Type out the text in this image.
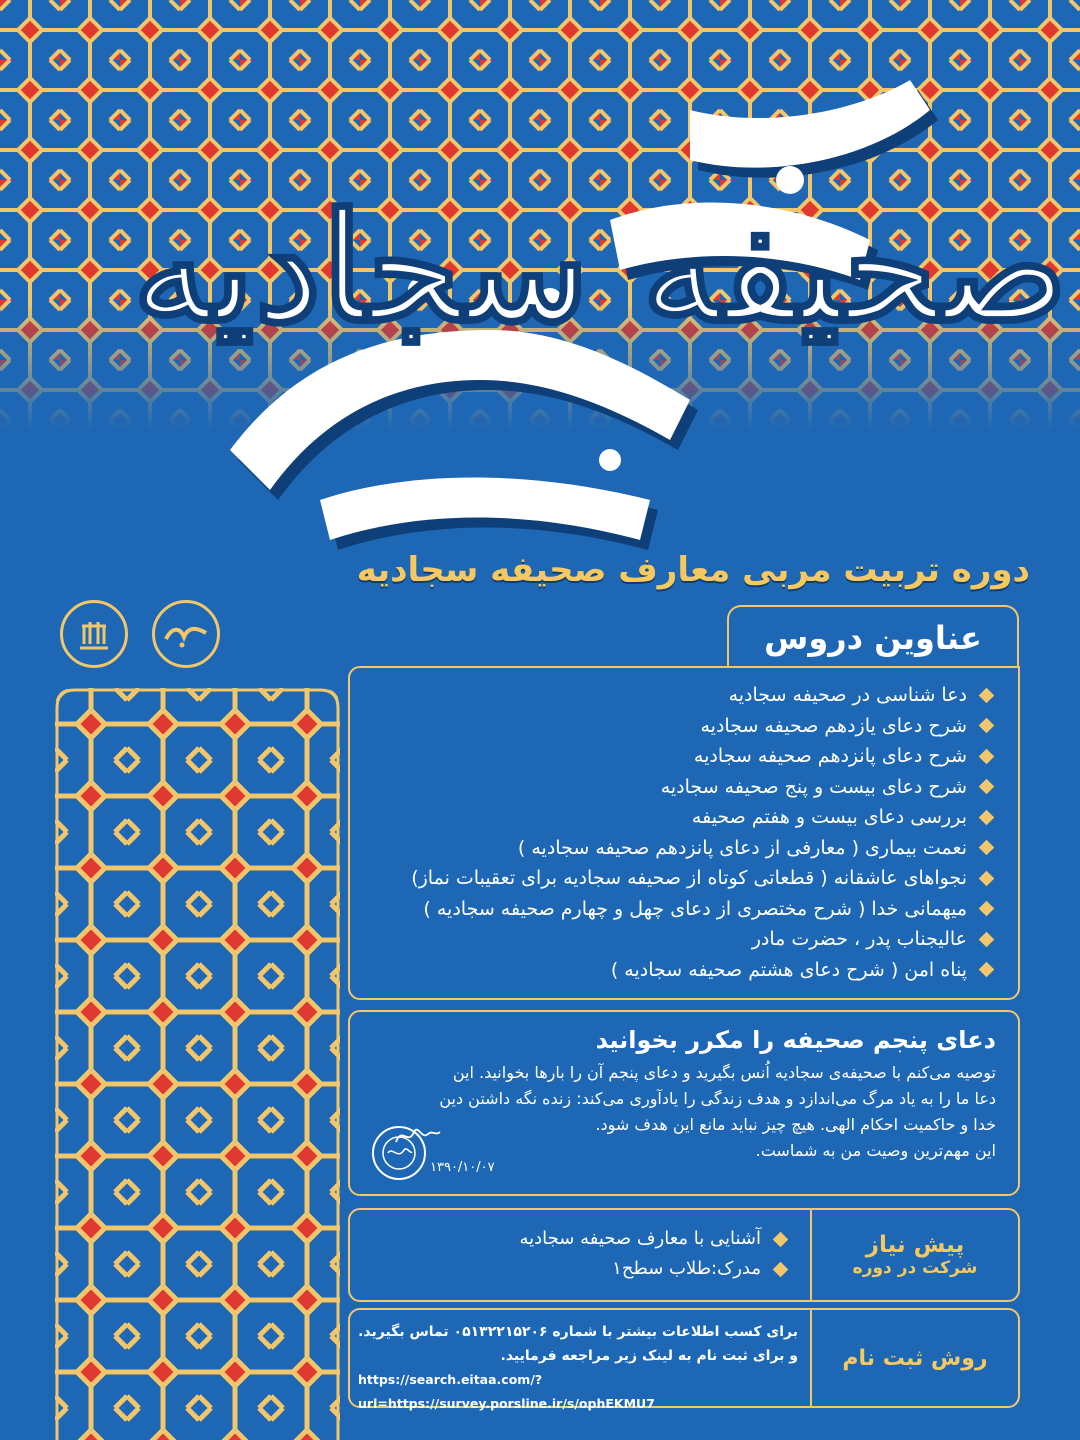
صحیفه سجادیه
دوره تربیت مربی معارف صحیفه سجادیه
عناوین دروس
دعا شناسی در صحیفه سجادیه
شرح دعای یازدهم صحیفه سجادیه
شرح دعای پانزدهم صحیفه سجادیه
شرح دعای بیست و پنج صحیفه سجادیه
بررسی دعای بیست و هفتم صحیفه
نعمت بیماری ( معارفی از دعای پانزدهم صحیفه سجادیه )
نجواهای عاشقانه ( قطعاتی کوتاه از صحیفه سجادیه برای تعقیبات نماز)
میهمانی خدا ( شرح مختصری از دعای چهل و چهارم صحیفه سجادیه )
عالیجناب پدر ، حضرت مادر
پناه امن ( شرح دعای هشتم صحیفه سجادیه )

دعای پنجم صحیفه را مکرر بخوانید

توصیه می‌کنم با صحیفه‌ی سجادیه اُنس بگیرید و دعای پنجم آن را بارها بخوانید. این
دعا ما را به یاد مرگ می‌اندازد و هدف زندگی را یادآوری می‌کند: زنده نگه داشتن دین
خدا و حاکمیت احکام الهی. هیچ چیز نباید مانع این هدف شود.
این مهم‌ترین وصیت من به شماست.

۱۳۹۰/۱۰/۰۷
پیش نیاز
شرکت در دوره
آشنایی با معارف صحیفه سجادیه
مدرک:طلاب سطح۱
روش ثبت نام
برای کسب اطلاعات بیشتر با شماره ۰۵۱۳۲۲۱۵۲۰۶ تماس بگیرید.
و برای ثبت نام به لینک زیر مراجعه فرمایید.
https://search.eitaa.com/?url=https://survey.porsline.ir/s/ophEKMU7
